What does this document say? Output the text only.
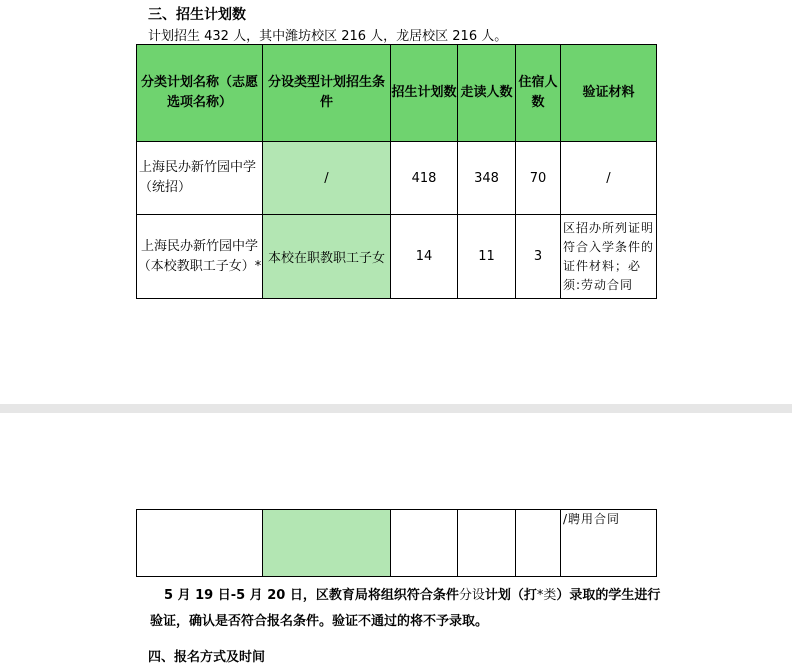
三、招生计划数
计划招生 432 人，其中潍坊校区 216 人，龙居校区 216 人。
分类计划名称（志愿选项名称）	分设类型计划招生条件	招生计划数	走读人数	住宿人数	验证材料
上海民办新竹园中学（统招）	/	418	348	70	/
上海民办新竹园中学（本校教职工子女）*	本校在职教职工子女	14	11	3	区招办所列证明符合入学条件的证件材料；必须:劳动合同
					/聘用合同
5 月 19 日-5 月 20 日，区教育局将组织符合条件分设计划（打*类）录取的学生进行
验证，确认是否符合报名条件。验证不通过的将不予录取。
四、报名方式及时间
